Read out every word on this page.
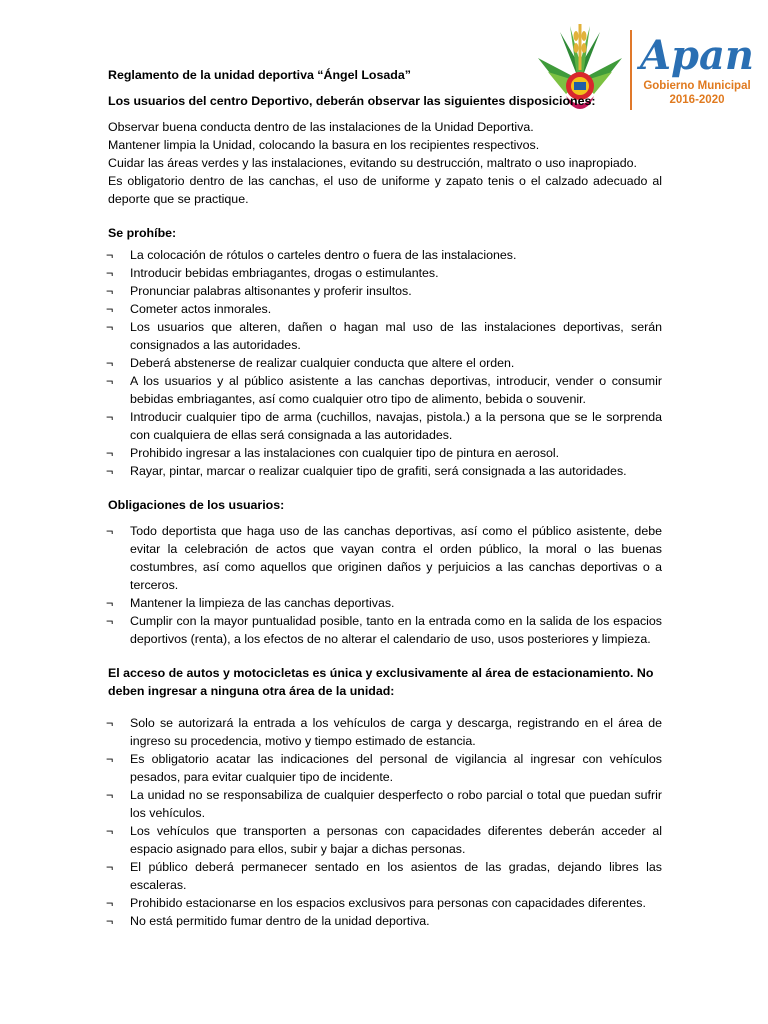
Apan
Gobierno Municipal
2016-2020

Reglamento de la unidad deportiva “Ángel Losada”

Los usuarios del centro Deportivo, deberán observar las siguientes disposiciones:

Observar buena conducta dentro de las instalaciones de la Unidad Deportiva.

Mantener limpia la Unidad, colocando la basura en los recipientes respectivos.

Cuidar las áreas verdes y las instalaciones, evitando su destrucción, maltrato o uso inapropiado.

Es obligatorio dentro de las canchas, el uso de uniforme y zapato tenis o el calzado adecuado al deporte que se practique.

Se prohíbe:

¬ La colocación de rótulos o carteles dentro o fuera de las instalaciones.
¬ Introducir bebidas embriagantes, drogas o estimulantes.
¬ Pronunciar palabras altisonantes y proferir insultos.
¬ Cometer actos inmorales.
¬ Los usuarios que alteren, dañen o hagan mal uso de las instalaciones deportivas, serán consignados a las autoridades.
¬ Deberá abstenerse de realizar cualquier conducta que altere el orden.
¬ A los usuarios y al público asistente a las canchas deportivas, introducir, vender o consumir bebidas embriagantes, así como cualquier otro tipo de alimento, bebida o souvenir.
¬ Introducir cualquier tipo de arma (cuchillos, navajas, pistola.) a la persona que se le sorprenda con cualquiera de ellas será consignada a las autoridades.
¬ Prohibido ingresar a las instalaciones con cualquier tipo de pintura en aerosol.
¬ Rayar, pintar, marcar o realizar cualquier tipo de grafiti, será consignada a las autoridades.

Obligaciones de los usuarios:

¬ Todo deportista que haga uso de las canchas deportivas, así como el público asistente, debe evitar la celebración de actos que vayan contra el orden público, la moral o las buenas costumbres, así como aquellos que originen daños y perjuicios a las canchas deportivas o a terceros.
¬ Mantener la limpieza de las canchas deportivas.
¬ Cumplir con la mayor puntualidad posible, tanto en la entrada como en la salida de los espacios deportivos (renta), a los efectos de no alterar el calendario de uso, usos posteriores y limpieza.

El acceso de autos y motocicletas es única y exclusivamente al área de estacionamiento. No deben ingresar a ninguna otra área de la unidad:

¬ Solo se autorizará la entrada a los vehículos de carga y descarga, registrando en el área de ingreso su procedencia, motivo y tiempo estimado de estancia.
¬ Es obligatorio acatar las indicaciones del personal de vigilancia al ingresar con vehículos pesados, para evitar cualquier tipo de incidente.
¬ La unidad no se responsabiliza de cualquier desperfecto o robo parcial o total que puedan sufrir los vehículos.
¬ Los vehículos que transporten a personas con capacidades diferentes deberán acceder al espacio asignado para ellos, subir y bajar a dichas personas.
¬ El público deberá permanecer sentado en los asientos de las gradas, dejando libres las escaleras.
¬ Prohibido estacionarse en los espacios exclusivos para personas con capacidades diferentes.
¬ No está permitido fumar dentro de la unidad deportiva.
